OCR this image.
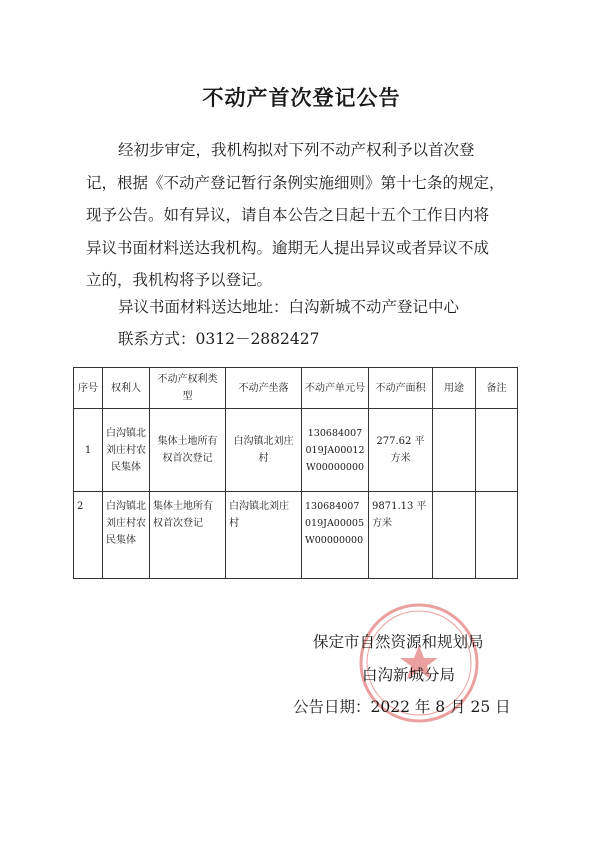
不动产首次登记公告
经初步审定，我机构拟对下列不动产权利予以首次登
记，根据《不动产登记暂行条例实施细则》第十七条的规定，
现予公告。如有异议，请自本公告之日起十五个工作日内将
异议书面材料送达我机构。逾期无人提出异议或者异议不成
立的，我机构将予以登记。
异议书面材料送达地址：白沟新城不动产登记中心
联系方式：0312－2882427
序号	权利人	不动产权利类型	不动产坐落	不动产单元号	不动产面积	用途	备注
1	白沟镇北刘庄村农民集体	集体土地所有权首次登记	白沟镇北刘庄村	130684007019JA00012W00000000	277.62 平方米		
2	白沟镇北刘庄村农民集体	集体土地所有权首次登记	白沟镇北刘庄村	130684007019JA00005W00000000	9871.13 平方米		
保定市自然资源和规划局
白沟新城分局
公告日期：2022 年 8 月 25 日
